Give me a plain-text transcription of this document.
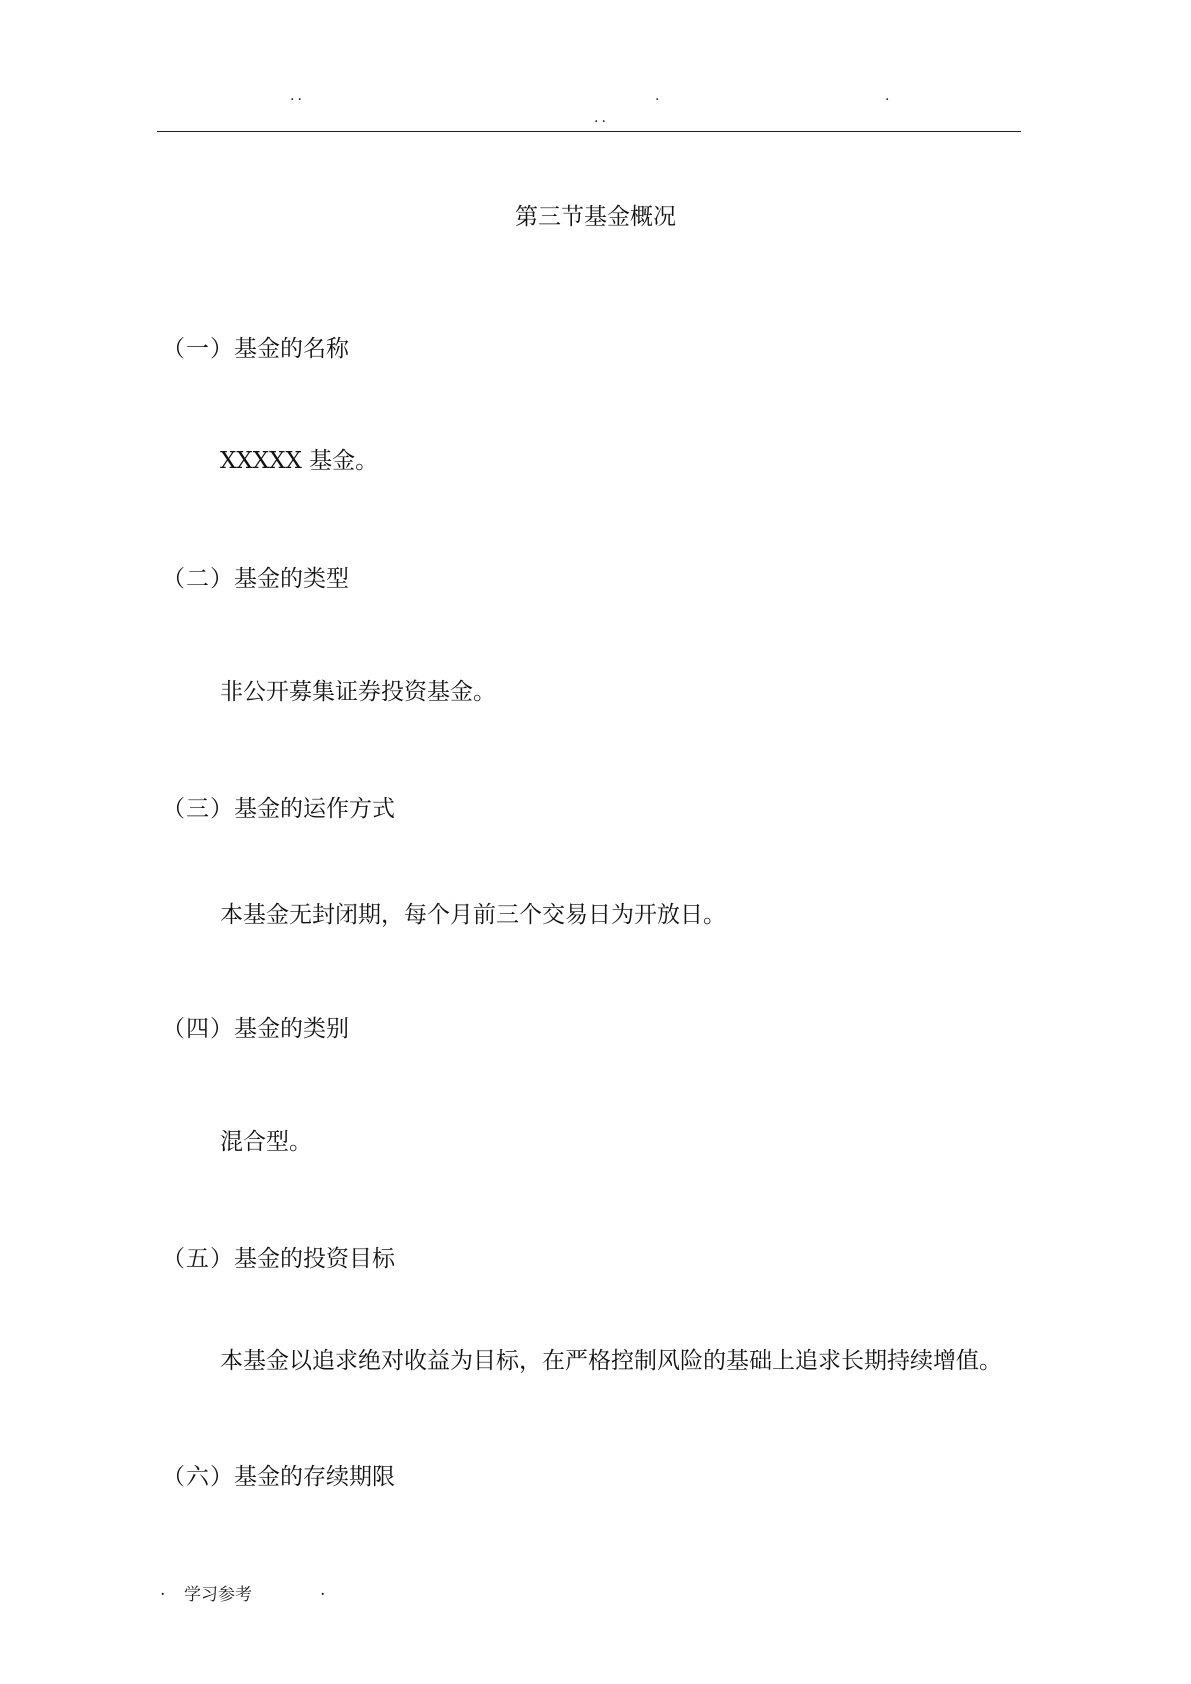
..	.	.
..
第三节基金概况
（一）基金的名称
XXXXX 基金。
（二）基金的类型
非公开募集证券投资基金。
（三）基金的运作方式
本基金无封闭期，每个月前三个交易日为开放日。
（四）基金的类别
混合型。
（五）基金的投资目标
本基金以追求绝对收益为目标，在严格控制风险的基础上追求长期持续增值。
（六）基金的存续期限
. 学习参考	.
